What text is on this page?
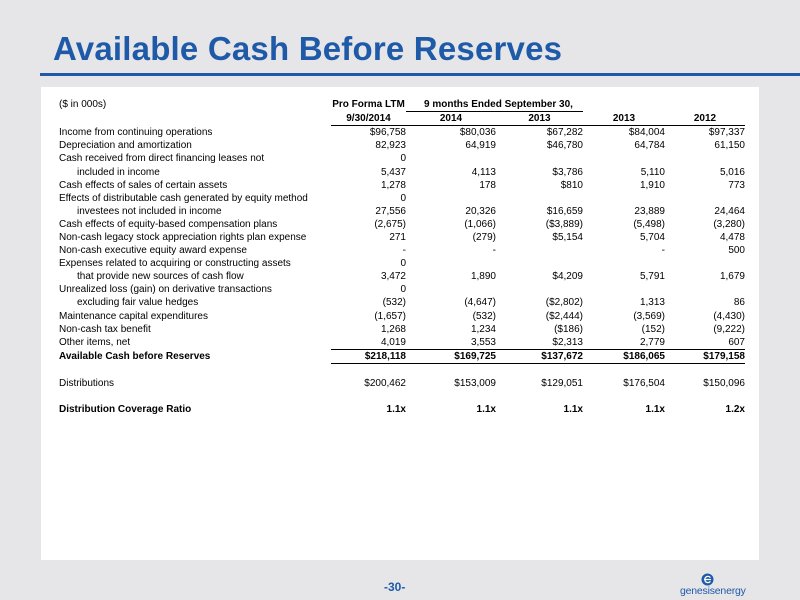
Available Cash Before Reserves
($ in 000s)	Pro Forma LTM	9 months Ended September 30,			
	9/30/2014	2014	2013	2013	2012
Income from continuing operations	$96,758	$80,036	$67,282	$84,004	$97,337
Depreciation and amortization	82,923	64,919	$46,780	64,784	61,150
Cash received from direct financing leases not	0				
included in income	5,437	4,113	$3,786	5,110	5,016
Cash effects of sales of certain assets	1,278	178	$810	1,910	773
Effects of distributable cash generated by equity method	0				
investees not included in income	27,556	20,326	$16,659	23,889	24,464
Cash effects of equity-based compensation plans	(2,675)	(1,066)	($3,889)	(5,498)	(3,280)
Non-cash legacy stock appreciation rights plan expense	271	(279)	$5,154	5,704	4,478
Non-cash executive equity award expense	-	-		-	500
Expenses related to acquiring or constructing assets	0				
that provide new sources of cash flow	3,472	1,890	$4,209	5,791	1,679
Unrealized loss (gain) on derivative transactions	0				
excluding fair value hedges	(532)	(4,647)	($2,802)	1,313	86
Maintenance capital expenditures	(1,657)	(532)	($2,444)	(3,569)	(4,430)
Non-cash tax benefit	1,268	1,234	($186)	(152)	(9,222)
Other items, net	4,019	3,553	$2,313	2,779	607
Available Cash before Reserves	$218,118	$169,725	$137,672	$186,065	$179,158

Distributions	$200,462	$153,009	$129,051	$176,504	$150,096

Distribution Coverage Ratio	1.1x	1.1x	1.1x	1.1x	1.2x
-30-	genesisenergy
